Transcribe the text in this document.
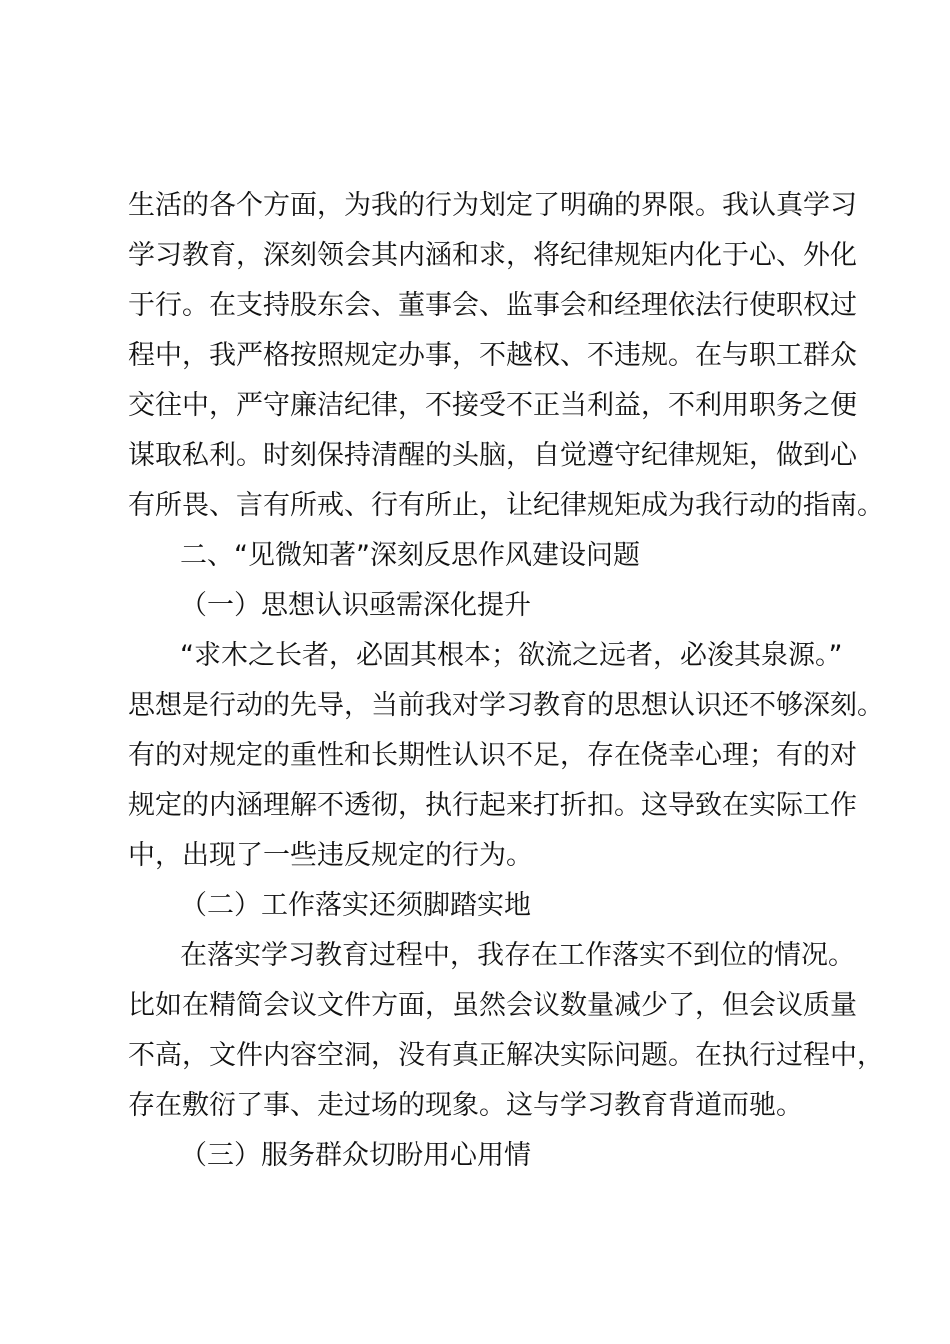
生活的各个方面，为我的行为划定了明确的界限。我认真学习
学习教育，深刻领会其内涵和求，将纪律规矩内化于心、外化
于行。在支持股东会、董事会、监事会和经理依法行使职权过
程中，我严格按照规定办事，不越权、不违规。在与职工群众
交往中，严守廉洁纪律，不接受不正当利益，不利用职务之便
谋取私利。时刻保持清醒的头脑，自觉遵守纪律规矩，做到心
有所畏、言有所戒、行有所止，让纪律规矩成为我行动的指南。
二、“见微知著”深刻反思作风建设问题
（一）思想认识亟需深化提升
“求木之长者，必固其根本；欲流之远者，必浚其泉源。”
思想是行动的先导，当前我对学习教育的思想认识还不够深刻。
有的对规定的重性和长期性认识不足，存在侥幸心理；有的对
规定的内涵理解不透彻，执行起来打折扣。这导致在实际工作
中，出现了一些违反规定的行为。
（二）工作落实还须脚踏实地
在落实学习教育过程中，我存在工作落实不到位的情况。
比如在精简会议文件方面，虽然会议数量减少了，但会议质量
不高，文件内容空洞，没有真正解决实际问题。在执行过程中，
存在敷衍了事、走过场的现象。这与学习教育背道而驰。
（三）服务群众切盼用心用情
